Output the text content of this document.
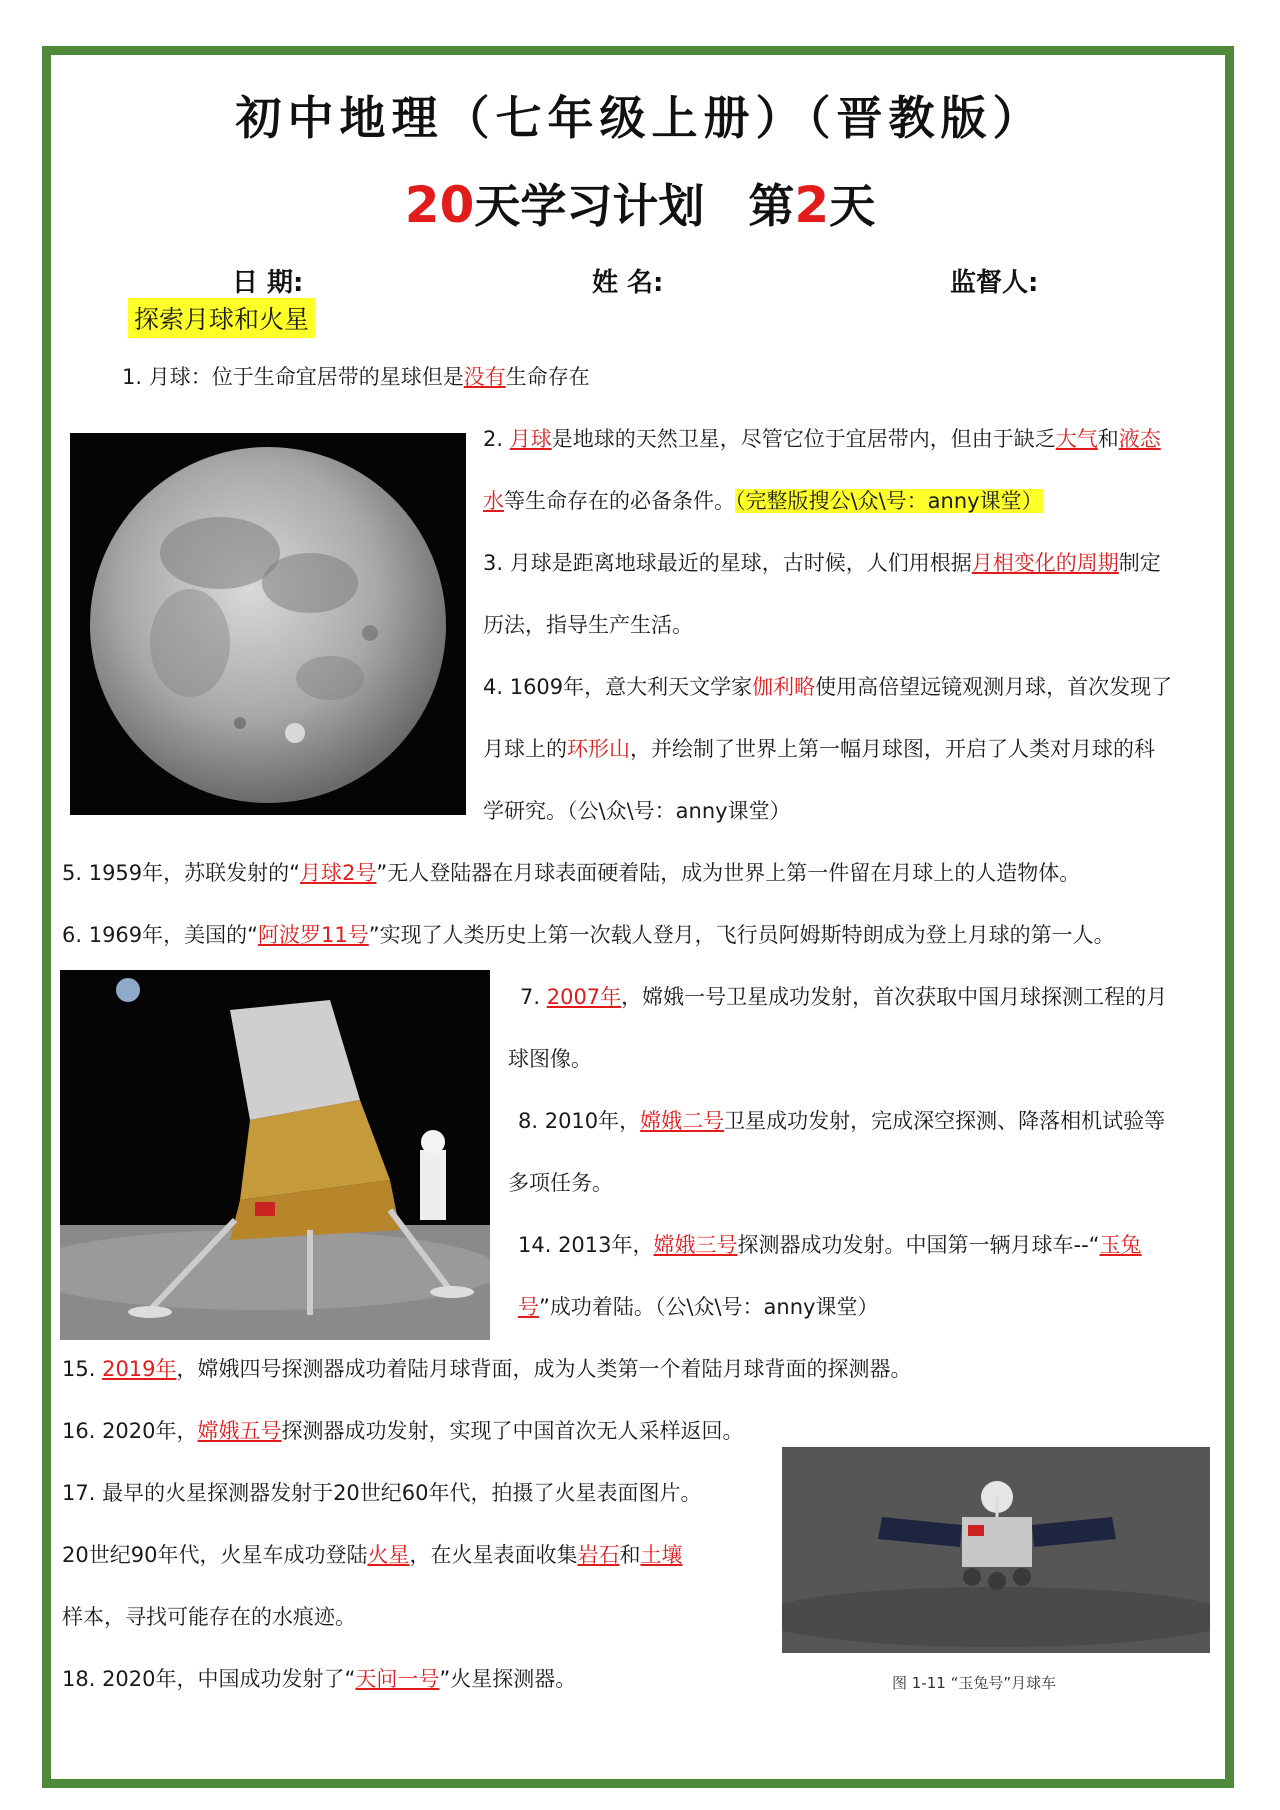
初中地理（七年级上册）（晋教版）
20天学习计划 第2天
日 期:	姓 名:	监督人:
探索月球和火星
1. 月球：位于生命宜居带的星球但是没有生命存在
2. 月球是地球的天然卫星，尽管它位于宜居带内，但由于缺乏大气和液态
水等生命存在的必备条件。（完整版搜公\众\号：anny课堂）
3. 月球是距离地球最近的星球，古时候，人们用根据月相变化的周期制定
历法，指导生产生活。
4. 1609年，意大利天文学家伽利略使用高倍望远镜观测月球，首次发现了
月球上的环形山，并绘制了世界上第一幅月球图，开启了人类对月球的科
学研究。（公\众\号：anny课堂）
5. 1959年，苏联发射的“月球2号”无人登陆器在月球表面硬着陆，成为世界上第一件留在月球上的人造物体。
6. 1969年，美国的“阿波罗11号”实现了人类历史上第一次载人登月，飞行员阿姆斯特朗成为登上月球的第一人。
7. 2007年，嫦娥一号卫星成功发射，首次获取中国月球探测工程的月
球图像。
8. 2010年，嫦娥二号卫星成功发射，完成深空探测、降落相机试验等
多项任务。
14. 2013年，嫦娥三号探测器成功发射。中国第一辆月球车--“玉兔
号”成功着陆。（公\众\号：anny课堂）
15. 2019年，嫦娥四号探测器成功着陆月球背面，成为人类第一个着陆月球背面的探测器。
16. 2020年，嫦娥五号探测器成功发射，实现了中国首次无人采样返回。
17. 最早的火星探测器发射于20世纪60年代，拍摄了火星表面图片。
20世纪90年代，火星车成功登陆火星，在火星表面收集岩石和土壤
样本，寻找可能存在的水痕迹。
18. 2020年，中国成功发射了“天问一号”火星探测器。	图 1-11 “玉兔号”月球车
